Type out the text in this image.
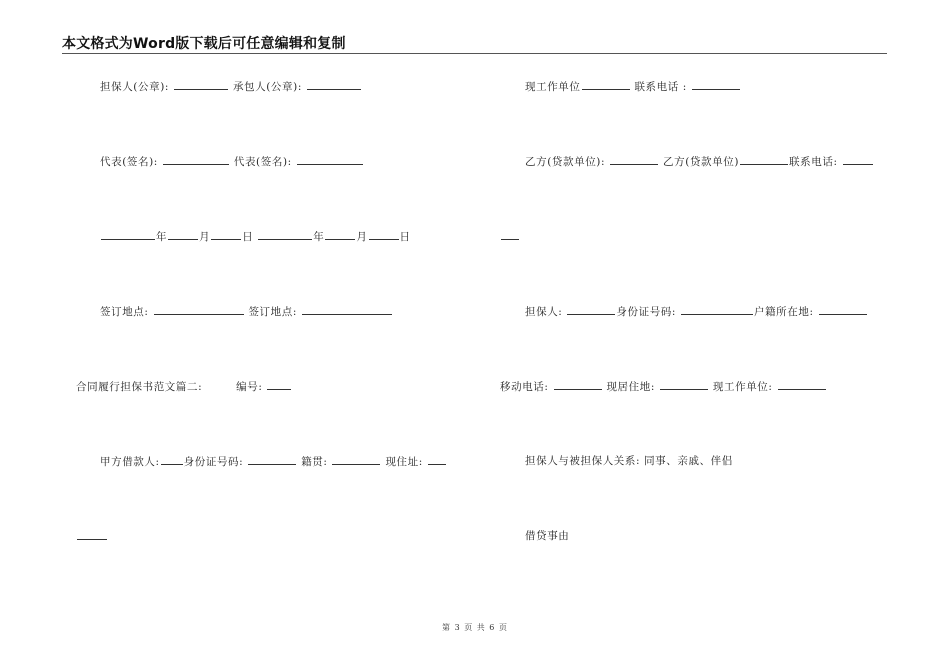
本文格式为Word版下载后可任意编辑和复制
担保人(公章):	承包人(公章):
代表(签名):	代表(签名):
年	月	日	年	月	日
签订地点:	签订地点:
合同履行担保书范文篇二:	编号:
甲方借款人: 身份证号码:	籍贯:	现住址:
现工作单位	联系电话 :
乙方(贷款单位):	乙方(贷款单位)	联系电话:
担保人:	身份证号码:	户籍所在地:
移动电话:	现居住地:	现工作单位:
担保人与被担保人关系: 同事、亲戚、伴侣
借贷事由
第 3 页 共 6 页
